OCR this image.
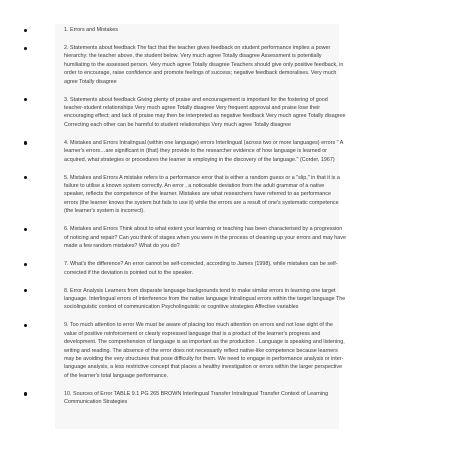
1. Errors and Mistakes
2. Statements about feedback The fact that the teacher gives feedback on student performance implies a power hierarchy: the teacher above, the student below. Very much agree Totally disagree Assessment is potentially humiliating to the assessed person. Very much agree Totally disagree Teachers should give only positive feedback, in order to encourage, raise confidence and promote feelings of success; negative feedback demoralises. Very much agree Totally disagree
3. Statements about feedback Giving plenty of praise and encouragement is important for the fostering of good teacher-student relationships Very much agree Totally disagree Very frequent approval and praise lose their encouraging effect; and lack of praise may then be interpreted as negative feedback Very much agree Totally disagree Correcting each other can be harmful to student relationships Very much agree Totally disagree
4. Mistakes and Errors Intralingual (within one language) errors Interlingual (across two or more languages) errors " A learner's errors…are significant in (that) they provide to the researcher evidence of how language is learned or acquired, what strategies or procedures the learner is employing in the discovery of the language." (Corder, 1967)
5. Mistakes and Errors A mistake refers to a performance error that is either a random guess or a "slip," in that it is a failure to utilise a known system correctly. An error , a noticeable deviation from the adult grammar of a native speaker, reflects the competence of the learner. Mistakes are what researchers have referred to as performance errors (the learner knows the system but fails to use it) while the errors are a result of one's systematic competence (the learner's system is incorrect).
6. Mistakes and Errors Think about to what extent your learning or teaching has been characterised by a progression of noticing and repair? Can you think of stages when you were in the process of cleaning up your errors and may have made a few random mistakes? What do you do?
7. What's the difference? An error cannot be self-corrected, according to James (1998), while mistakes can be self-corrected if the deviation is pointed out to the speaker.
8. Error Analysis Learners from disparate language backgrounds tend to make similar errors in learning one target language. Interlingual errors of interference from the native language Intralingual errors within the target language The sociolinguistic context of communication Psycholinguistic or cognitive strategies Affective variables
9. Too much attention to error We must be aware of placing too much attention on errors and not lose sight of the value of positive reinforcement or clearly expressed language that is a product of the learner's progress and development. The comprehension of language is as important as the production . Language is speaking and listening, writing and reading. The absence of the error does not necessarily reflect native-like competence because learners may be avoiding the very structures that pose difficulty for them. We need to engage in performance analysis or inter-language analysis, a less restrictive concept that places a healthy investigation or errors within the larger perspective of the learner's total language performance.
10. Sources of Error TABLE 9.1 PG 265 BROWN Interlingual Transfer Intralingual Transfer Context of Learning Communication Strategies
